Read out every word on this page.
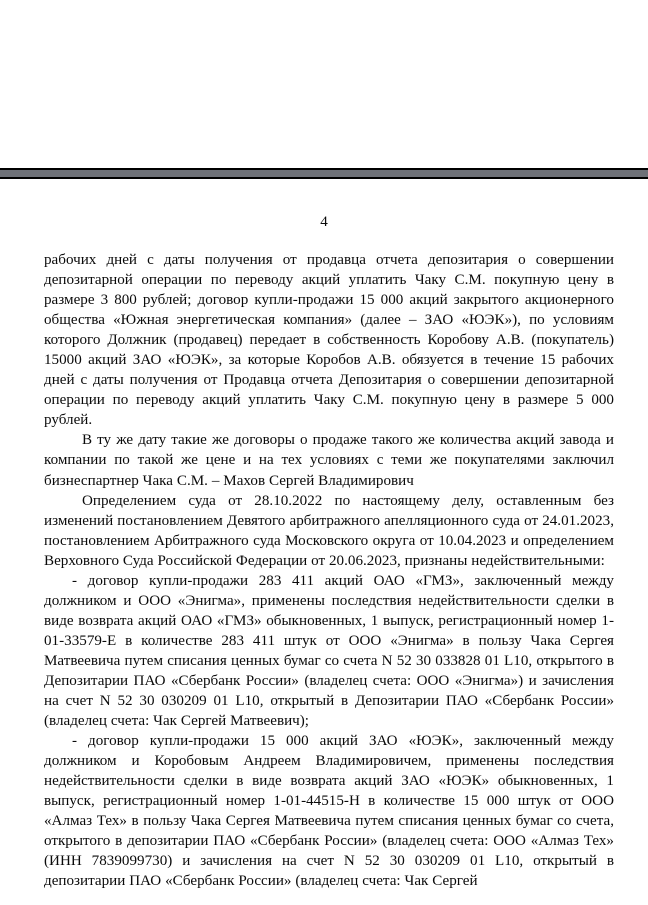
4

рабочих дней с даты получения от продавца отчета депозитария о совершении депозитарной операции по переводу акций уплатить Чаку С.М. покупную цену в размере 3 800 рублей; договор купли-продажи 15 000 акций закрытого акционерного общества «Южная энергетическая компания» (далее – ЗАО «ЮЭК»), по условиям которого Должник (продавец) передает в собственность Коробову А.В. (покупатель) 15000 акций ЗАО «ЮЭК», за которые Коробов А.В. обязуется в течение 15 рабочих дней с даты получения от Продавца отчета Депозитария о совершении депозитарной операции по переводу акций уплатить Чаку С.М. покупную цену в размере 5 000 рублей.

В ту же дату такие же договоры о продаже такого же количества акций завода и компании по такой же цене и на тех условиях с теми же покупателями заключил бизнеспартнер Чака С.М. – Махов Сергей Владимирович

Определением суда от 28.10.2022 по настоящему делу, оставленным без изменений постановлением Девятого арбитражного апелляционного суда от 24.01.2023, постановлением Арбитражного суда Московского округа от 10.04.2023 и определением Верховного Суда Российской Федерации от 20.06.2023, признаны недействительными:

- договор купли-продажи 283 411 акций ОАО «ГМЗ», заключенный между должником и ООО «Энигма», применены последствия недействительности сделки в виде возврата акций ОАО «ГМЗ» обыкновенных, 1 выпуск, регистрационный номер 1-01-33579-Е в количестве 283 411 штук от ООО «Энигма» в пользу Чака Сергея Матвеевича путем списания ценных бумаг со счета N 52 30 033828 01 L10, открытого в Депозитарии ПАО «Сбербанк России» (владелец счета: ООО «Энигма») и зачисления на счет N 52 30 030209 01 L10, открытый в Депозитарии ПАО «Сбербанк России» (владелец счета: Чак Сергей Матвеевич);

- договор купли-продажи 15 000 акций ЗАО «ЮЭК», заключенный между должником и Коробовым Андреем Владимировичем, применены последствия недействительности сделки в виде возврата акций ЗАО «ЮЭК» обыкновенных, 1 выпуск, регистрационный номер 1-01-44515-Н в количестве 15 000 штук от ООО «Алмаз Тех» в пользу Чака Сергея Матвеевича путем списания ценных бумаг со счета, открытого в депозитарии ПАО «Сбербанк России» (владелец счета: ООО «Алмаз Тех» (ИНН 7839099730) и зачисления на счет N 52 30 030209 01 L10, открытый в депозитарии ПАО «Сбербанк России» (владелец счета: Чак Сергей
